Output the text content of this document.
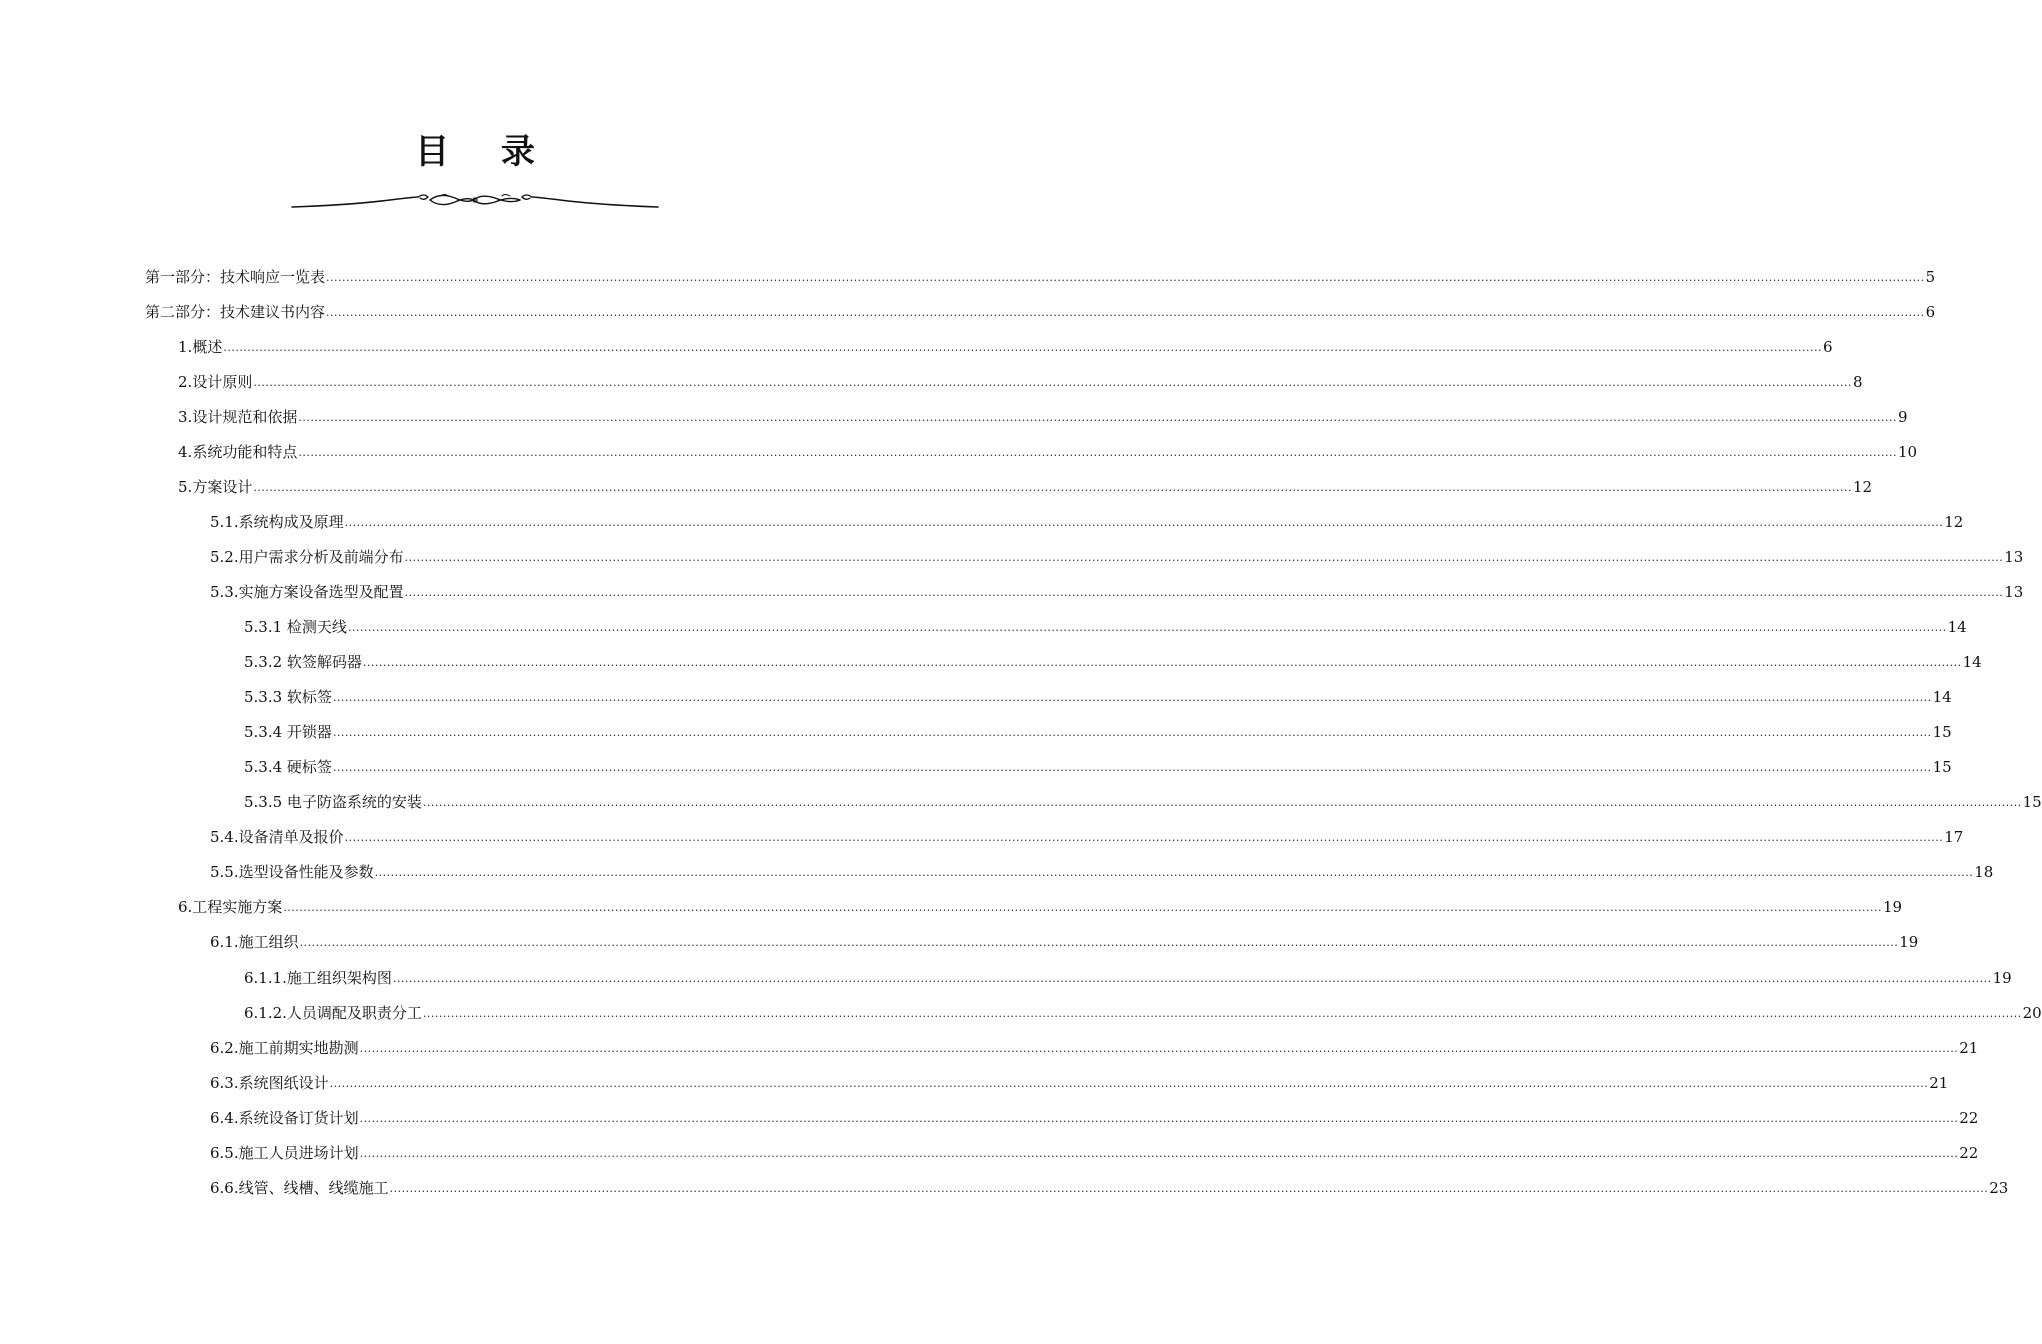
目 录
第一部分：技术响应一览表 ................................................................................................................................................................................................................................................................................................................................................................................................................ 5
第二部分：技术建议书内容 ................................................................................................................................................................................................................................................................................................................................................................................................................ 6
1. 概述 ................................................................................................................................................................................................................................................................................................................................................................................................................ 6
2. 设计原则 ................................................................................................................................................................................................................................................................................................................................................................................................................ 8
3. 设计规范和依据 ................................................................................................................................................................................................................................................................................................................................................................................................................ 9
4. 系统功能和特点 ................................................................................................................................................................................................................................................................................................................................................................................................................ 10
5. 方案设计 ................................................................................................................................................................................................................................................................................................................................................................................................................ 12
5.1.系统构成及原理 ................................................................................................................................................................................................................................................................................................................................................................................................................ 12
5.2.用户需求分析及前端分布 ................................................................................................................................................................................................................................................................................................................................................................................................................ 13
5.3.实施方案设备选型及配置 ................................................................................................................................................................................................................................................................................................................................................................................................................ 13
5.3.1 检测天线 ................................................................................................................................................................................................................................................................................................................................................................................................................ 14
5.3.2 软签解码器 ................................................................................................................................................................................................................................................................................................................................................................................................................ 14
5.3.3 软标签 ................................................................................................................................................................................................................................................................................................................................................................................................................ 14
5.3.4 开锁器 ................................................................................................................................................................................................................................................................................................................................................................................................................ 15
5.3.4 硬标签 ................................................................................................................................................................................................................................................................................................................................................................................................................ 15
5.3.5 电子防盗系统的安装 ................................................................................................................................................................................................................................................................................................................................................................................................................ 15
5.4.设备清单及报价 ................................................................................................................................................................................................................................................................................................................................................................................................................ 17
5.5.选型设备性能及参数 ................................................................................................................................................................................................................................................................................................................................................................................................................ 18
6.工程实施方案 ................................................................................................................................................................................................................................................................................................................................................................................................................ 19
6.1.施工组织 ................................................................................................................................................................................................................................................................................................................................................................................................................ 19
6.1.1.施工组织架构图 ................................................................................................................................................................................................................................................................................................................................................................................................................ 19
6.1.2.人员调配及职责分工 ................................................................................................................................................................................................................................................................................................................................................................................................................ 20
6.2.施工前期实地勘测 ................................................................................................................................................................................................................................................................................................................................................................................................................ 21
6.3.系统图纸设计 ................................................................................................................................................................................................................................................................................................................................................................................................................ 21
6.4.系统设备订货计划 ................................................................................................................................................................................................................................................................................................................................................................................................................ 22
6.5.施工人员进场计划 ................................................................................................................................................................................................................................................................................................................................................................................................................ 22
6.6.线管、线槽、线缆施工 ................................................................................................................................................................................................................................................................................................................................................................................................................ 23
